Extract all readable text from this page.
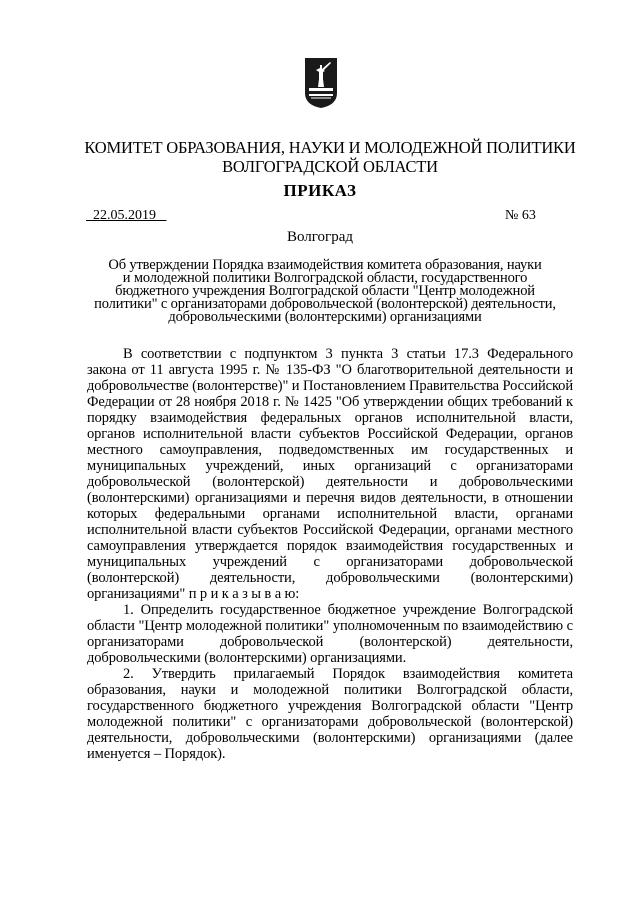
КОМИТЕТ ОБРАЗОВАНИЯ, НАУКИ И МОЛОДЕЖНОЙ ПОЛИТИКИ
ВОЛГОГРАДСКОЙ ОБЛАСТИ
ПРИКАЗ
22.05.2019	№ 63
Волгоград
Об утверждении Порядка взаимодействия комитета образования, науки
и молодежной политики Волгоградской области, государственного
бюджетного учреждения Волгоградской области "Центр молодежной
политики" с организаторами добровольческой (волонтерской) деятельности,
добровольческими (волонтерскими) организациями

В соответствии с подпунктом 3 пункта 3 статьи 17.3 Федерального закона от 11 августа 1995 г. № 135-ФЗ "О благотворительной деятельности и добровольчестве (волонтерстве)" и Постановлением Правительства Российской Федерации от 28 ноября 2018 г. № 1425 "Об утверждении общих требований к порядку взаимодействия федеральных органов исполнительной власти, органов исполнительной власти субъектов Российской Федерации, органов местного самоуправления, подведомственных им государственных и муниципальных учреждений, иных организаций с организаторами добровольческой (волонтерской) деятельности и добровольческими (волонтерскими) организациями и перечня видов деятельности, в отношении которых федеральными органами исполнительной власти, органами исполнительной власти субъектов Российской Федерации, органами местного самоуправления утверждается порядок взаимодействия государственных и муниципальных учреждений с организаторами добровольческой (волонтерской) деятельности, добровольческими (волонтерскими) организациями" п р и к а з ы в а ю:

1. Определить государственное бюджетное учреждение Волгоградской области "Центр молодежной политики" уполномоченным по взаимодействию с организаторами добровольческой (волонтерской) деятельности, добровольческими (волонтерскими) организациями.

2. Утвердить прилагаемый Порядок взаимодействия комитета образования, науки и молодежной политики Волгоградской области, государственного бюджетного учреждения Волгоградской области "Центр молодежной политики" с организаторами добровольческой (волонтерской) деятельности, добровольческими (волонтерскими) организациями (далее именуется – Порядок).
